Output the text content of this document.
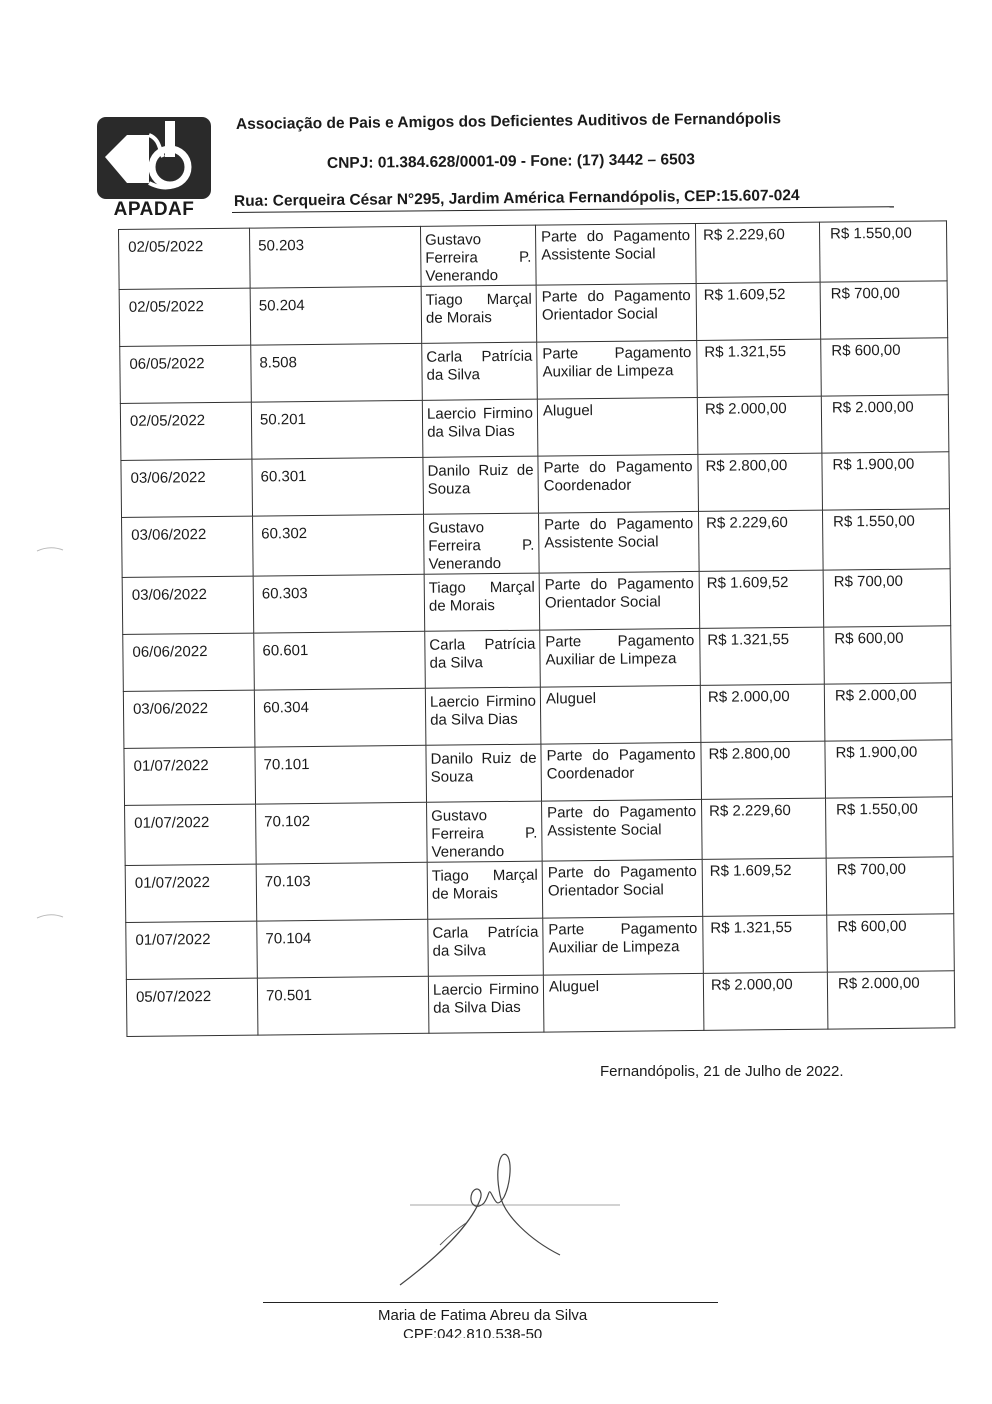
APADAF
Associação de Pais e Amigos dos Deficientes Auditivos de Fernandópolis
CNPJ: 01.384.628/0001-09 - Fone: (17) 3442 – 6503
Rua: Cerqueira César N°295, Jardim América Fernandópolis, CEP:15.607-024
02/05/2022	50.203	Gustavo Ferreira P. Venerando	Parte do Pagamento Assistente Social	R$ 2.229,60	R$ 1.550,00
02/05/2022	50.204	Tiago Marçal de Morais	Parte do Pagamento Orientador Social	R$ 1.609,52	R$ 700,00
06/05/2022	8.508	Carla Patrícia da Silva	Parte Pagamento Auxiliar de Limpeza	R$ 1.321,55	R$ 600,00
02/05/2022	50.201	Laercio Firmino da Silva Dias	Aluguel	R$ 2.000,00	R$ 2.000,00
03/06/2022	60.301	Danilo Ruiz de Souza	Parte do Pagamento Coordenador	R$ 2.800,00	R$ 1.900,00
03/06/2022	60.302	Gustavo Ferreira P. Venerando	Parte do Pagamento Assistente Social	R$ 2.229,60	R$ 1.550,00
03/06/2022	60.303	Tiago Marçal de Morais	Parte do Pagamento Orientador Social	R$ 1.609,52	R$ 700,00
06/06/2022	60.601	Carla Patrícia da Silva	Parte Pagamento Auxiliar de Limpeza	R$ 1.321,55	R$ 600,00
03/06/2022	60.304	Laercio Firmino da Silva Dias	Aluguel	R$ 2.000,00	R$ 2.000,00
01/07/2022	70.101	Danilo Ruiz de Souza	Parte do Pagamento Coordenador	R$ 2.800,00	R$ 1.900,00
01/07/2022	70.102	Gustavo Ferreira P. Venerando	Parte do Pagamento Assistente Social	R$ 2.229,60	R$ 1.550,00
01/07/2022	70.103	Tiago Marçal de Morais	Parte do Pagamento Orientador Social	R$ 1.609,52	R$ 700,00
01/07/2022	70.104	Carla Patrícia da Silva	Parte Pagamento Auxiliar de Limpeza	R$ 1.321,55	R$ 600,00
05/07/2022	70.501	Laercio Firmino da Silva Dias	Aluguel	R$ 2.000,00	R$ 2.000,00
Fernandópolis, 21 de Julho de 2022.
Maria de Fatima Abreu da Silva
CPF:042.810.538-50
